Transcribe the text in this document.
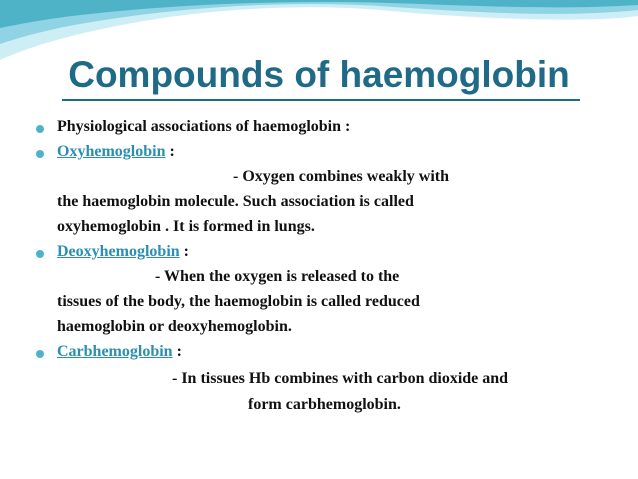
Compounds of haemoglobin
Physiological associations of haemoglobin :
Oxyhemoglobin :
- Oxygen combines weakly with
the haemoglobin molecule. Such association is called
oxyhemoglobin . It is formed in lungs.
Deoxyhemoglobin :
- When the oxygen is released to the
tissues of the body, the haemoglobin is called reduced
haemoglobin or deoxyhemoglobin.
Carbhemoglobin :
- In tissues Hb combines with carbon dioxide and
form carbhemoglobin.
